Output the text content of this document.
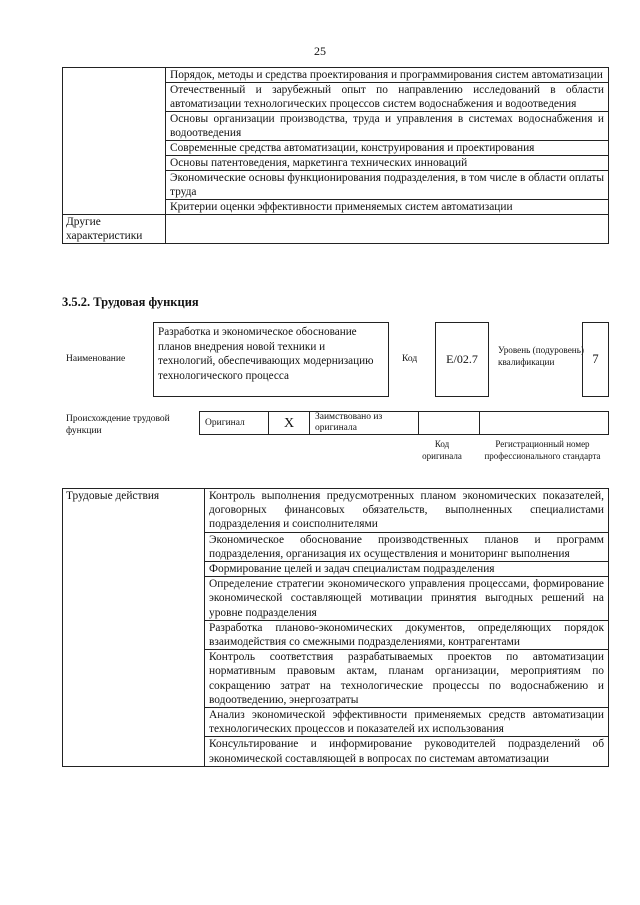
25
	Порядок, методы и средства проектирования и программирования систем автоматизации
	Отечественный и зарубежный опыт по направлению исследований в области автоматизации технологических процессов систем водоснабжения и водоотведения
	Основы организации производства, труда и управления в системах водоснабжения и водоотведения
	Современные средства автоматизации, конструирования и проектирования
	Основы патентоведения, маркетинга технических инноваций
	Экономические основы функционирования подразделения, в том числе в области оплаты труда
	Критерии оценки эффективности применяемых систем автоматизации
Другие характеристики	
3.5.2. Трудовая функция
Наименование
Разработка и экономическое обоснование планов внедрения новой техники и технологий, обеспечивающих модернизацию технологического процесса
Код	E/02.7
Уровень (подуровень) квалификации	7
Происхождение трудовой функции
Оригинал	X	Заимствовано из оригинала		
Код оригинала
Регистрационный номер профессионального стандарта
Трудовые действия	Контроль выполнения предусмотренных планом экономических показателей, договорных финансовых обязательств, выполненных специалистами подразделения и соисполнителями
Экономическое обоснование производственных планов и программ подразделения, организация их осуществления и мониторинг выполнения
Формирование целей и задач специалистам подразделения
Определение стратегии экономического управления процессами, формирование экономической составляющей мотивации принятия выгодных решений на уровне подразделения
Разработка планово-экономических документов, определяющих порядок взаимодействия со смежными подразделениями, контрагентами
Контроль соответствия разрабатываемых проектов по автоматизации нормативным правовым актам, планам организации, мероприятиям по сокращению затрат на технологические процессы по водоснабжению и водоотведению, энергозатраты
Анализ экономической эффективности применяемых средств автоматизации технологических процессов и показателей их использования
Консультирование и информирование руководителей подразделений об экономической составляющей в вопросах по системам автоматизации
